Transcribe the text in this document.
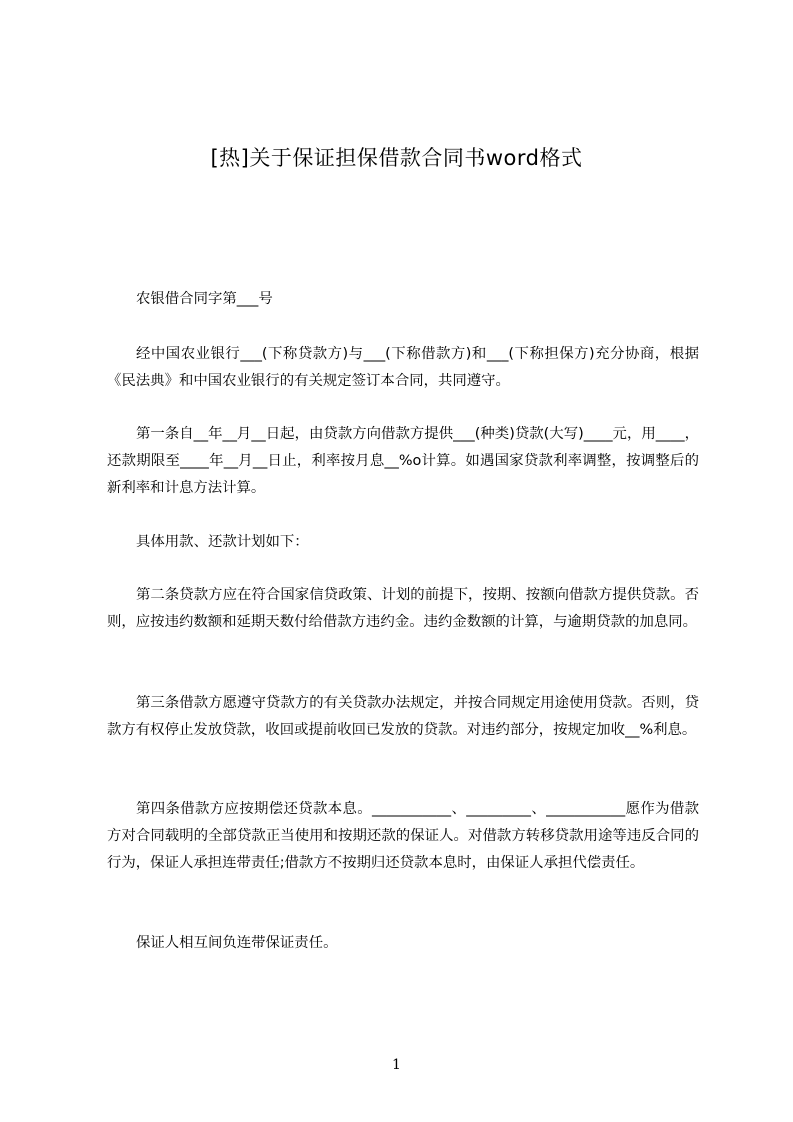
[热]关于保证担保借款合同书word格式

农银借合同字第___号

经中国农业银行___(下称贷款方)与___(下称借款方)和___(下称担保方)充分协商，根据《民法典》和中国农业银行的有关规定签订本合同，共同遵守。

第一条自__年__月__日起，由贷款方向借款方提供___(种类)贷款(大写)____元，用____，还款期限至____年__月__日止，利率按月息__%o计算。如遇国家贷款利率调整，按调整后的新利率和计息方法计算。

具体用款、还款计划如下：

第二条贷款方应在符合国家信贷政策、计划的前提下，按期、按额向借款方提供贷款。否则，应按违约数额和延期天数付给借款方违约金。违约金数额的计算，与逾期贷款的加息同。

第三条借款方愿遵守贷款方的有关贷款办法规定，并按合同规定用途使用贷款。否则，贷款方有权停止发放贷款，收回或提前收回已发放的贷款。对违约部分，按规定加收__%利息。

第四条借款方应按期偿还贷款本息。___________、_________、___________愿作为借款方对合同载明的全部贷款正当使用和按期还款的保证人。对借款方转移贷款用途等违反合同的行为，保证人承担连带责任;借款方不按期归还贷款本息时，由保证人承担代偿责任。

保证人相互间负连带保证责任。

1
